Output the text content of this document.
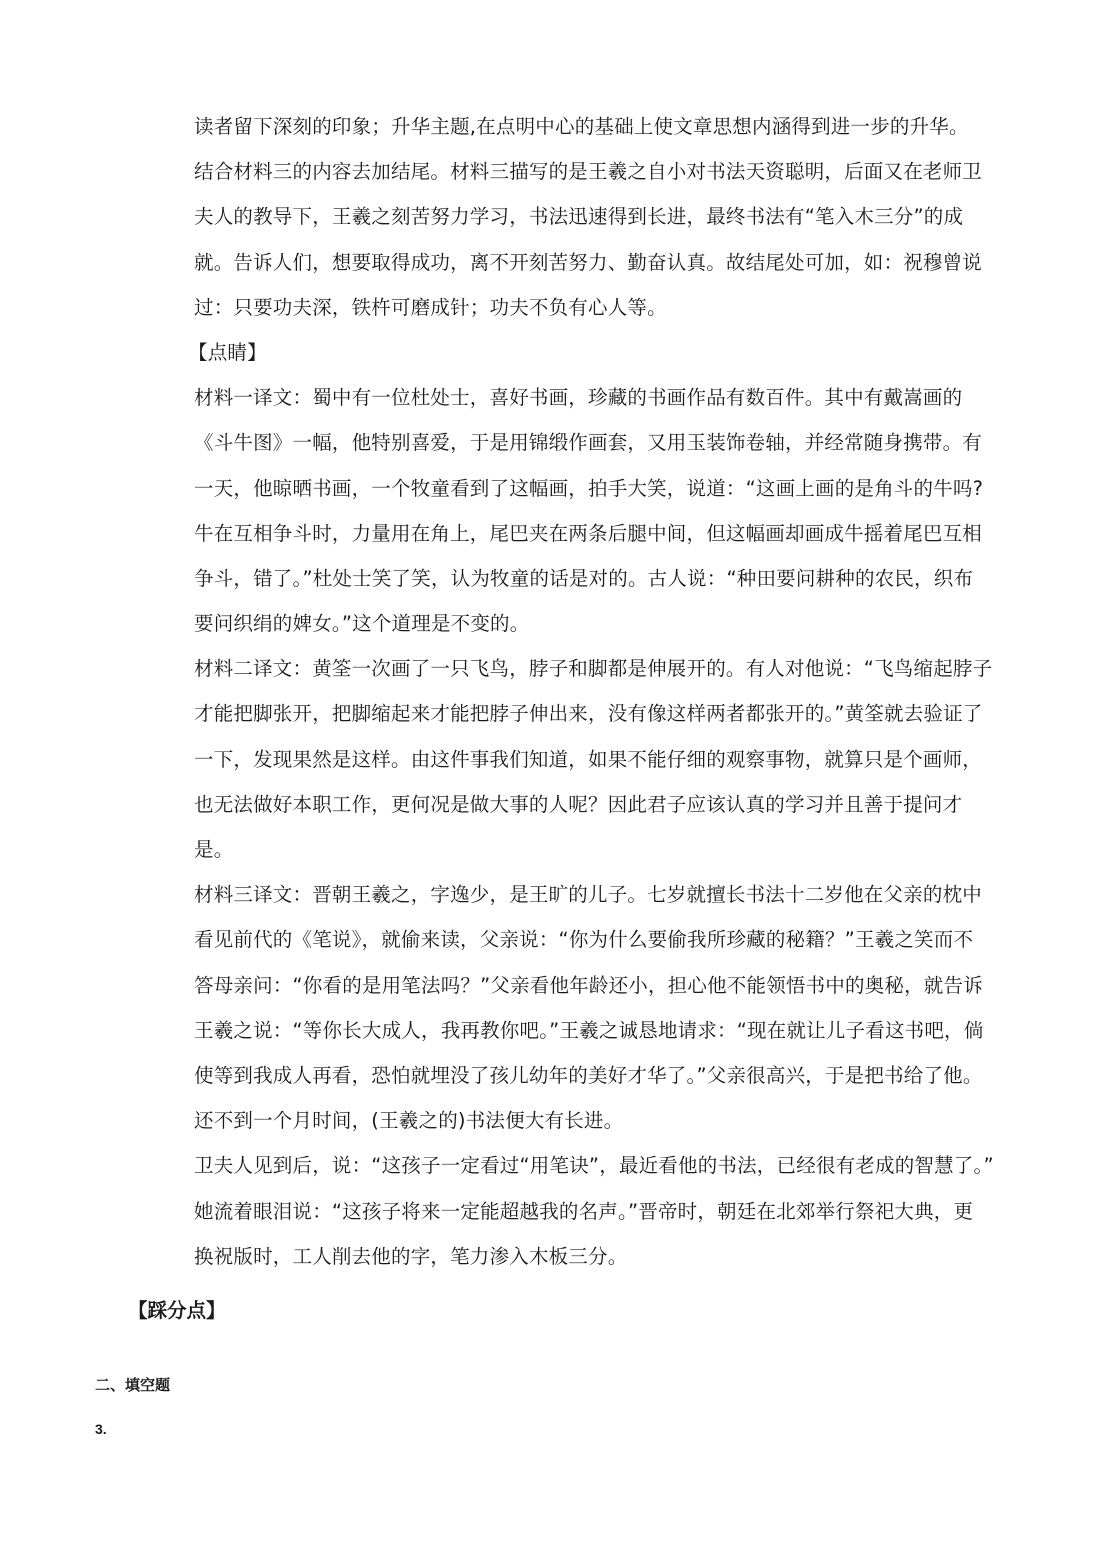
读者留下深刻的印象；升华主题,在点明中心的基础上使文章思想内涵得到进一步的升华。
结合材料三的内容去加结尾。材料三描写的是王羲之自小对书法天资聪明，后面又在老师卫
夫人的教导下，王羲之刻苦努力学习，书法迅速得到长进，最终书法有“笔入木三分”的成
就。告诉人们，想要取得成功，离不开刻苦努力、勤奋认真。故结尾处可加，如：祝穆曾说
过：只要功夫深，铁杵可磨成针；功夫不负有心人等。
【点睛】
材料一译文：蜀中有一位杜处士，喜好书画，珍藏的书画作品有数百件。其中有戴嵩画的
《斗牛图》一幅，他特别喜爱，于是用锦缎作画套，又用玉装饰卷轴，并经常随身携带。有
一天，他晾晒书画，一个牧童看到了这幅画，拍手大笑，说道：“这画上画的是角斗的牛吗?
牛在互相争斗时，力量用在角上，尾巴夹在两条后腿中间，但这幅画却画成牛摇着尾巴互相
争斗，错了。”杜处士笑了笑，认为牧童的话是对的。古人说：“种田要问耕种的农民，织布
要问织绢的婢女。”这个道理是不变的。
材料二译文：黄筌一次画了一只飞鸟，脖子和脚都是伸展开的。有人对他说：“飞鸟缩起脖子
才能把脚张开，把脚缩起来才能把脖子伸出来，没有像这样两者都张开的。”黄筌就去验证了
一下，发现果然是这样。由这件事我们知道，如果不能仔细的观察事物，就算只是个画师，
也无法做好本职工作，更何况是做大事的人呢？因此君子应该认真的学习并且善于提问才
是。
材料三译文：晋朝王羲之，字逸少，是王旷的儿子。七岁就擅长书法十二岁他在父亲的枕中
看见前代的《笔说》，就偷来读，父亲说：“你为什么要偷我所珍藏的秘籍？”王羲之笑而不
答母亲问：“你看的是用笔法吗？”父亲看他年龄还小，担心他不能领悟书中的奥秘，就告诉
王羲之说：“等你长大成人，我再教你吧。”王羲之诚恳地请求：“现在就让儿子看这书吧，倘
使等到我成人再看，恐怕就埋没了孩儿幼年的美好才华了。”父亲很高兴，于是把书给了他。
还不到一个月时间，(王羲之的)书法便大有长进。
卫夫人见到后，说：“这孩子一定看过“用笔诀”，最近看他的书法，已经很有老成的智慧了。”
她流着眼泪说：“这孩子将来一定能超越我的名声。”晋帝时，朝廷在北郊举行祭祀大典，更
换祝版时，工人削去他的字，笔力渗入木板三分。
【踩分点】
二、填空题
3.
